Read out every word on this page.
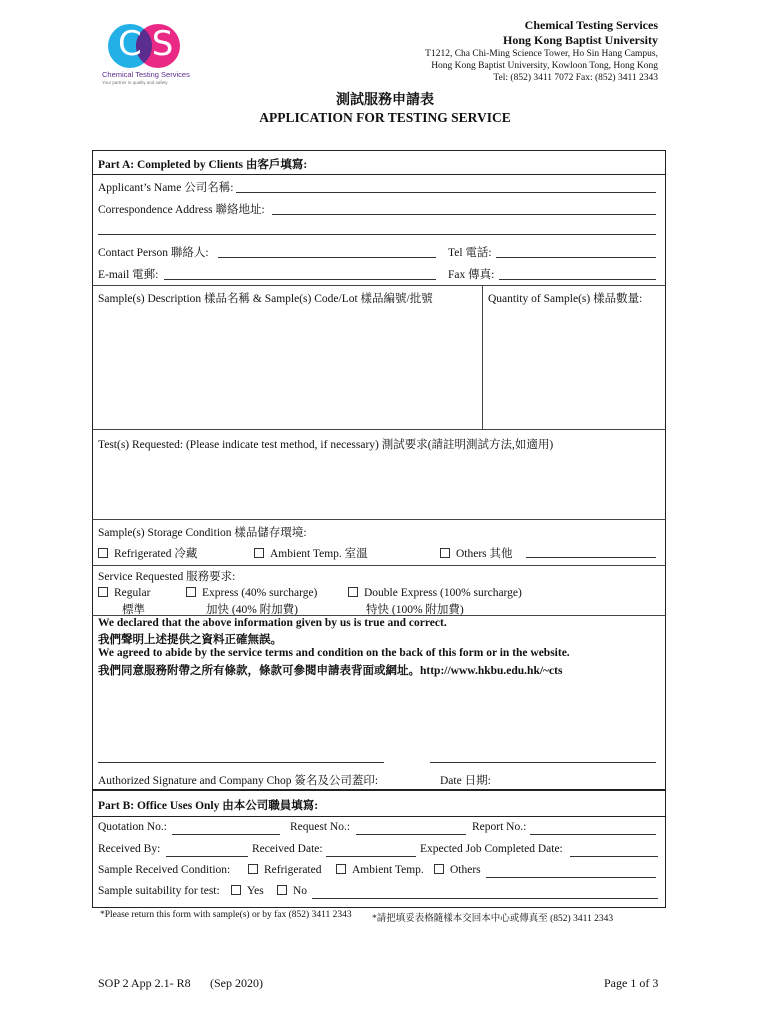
CS
Chemical Testing Services
Your partner in quality and safety
Chemical Testing Services
Hong Kong Baptist University
T1212, Cha Chi-Ming Science Tower, Ho Sin Hang Campus,
Hong Kong Baptist University, Kowloon Tong, Hong Kong
Tel: (852) 3411 7072 Fax: (852) 3411 2343
測試服務申請表
APPLICATION FOR TESTING SERVICE
Part A: Completed by Clients 由客戶填寫:
Applicant’s Name 公司名稱:
Correspondence Address 聯絡地址:
Contact Person 聯絡人:	Tel 電話:
E-mail 電郵:	Fax 傳真:
Sample(s) Description 樣品名稱 & Sample(s) Code/Lot 樣品編號/批號	Quantity of Sample(s) 樣品數量:
Test(s) Requested: (Please indicate test method, if necessary) 測試要求(請註明測試方法,如適用)
Sample(s) Storage Condition 樣品儲存環境:
Refrigerated 冷藏	Ambient Temp. 室溫	Others 其他
Service Requested 服務要求:
Regular
標準
Express (40% surcharge)
加快 (40% 附加費)
Double Express (100% surcharge)
特快 (100% 附加費)
We declared that the above information given by us is true and correct.
我們聲明上述提供之資料正確無誤。
We agreed to abide by the service terms and condition on the back of this form or in the website.
我們同意服務附帶之所有條款，條款可參閱申請表背面或網址。http://www.hkbu.edu.hk/~cts
Authorized Signature and Company Chop 簽名及公司蓋印:	Date 日期:
Part B: Office Uses Only 由本公司職員填寫:
Quotation No.:	Request No.:	Report No.:
Received By:	Received Date:	Expected Job Completed Date:
Sample Received Condition:	Refrigerated	Ambient Temp.	Others
Sample suitability for test:	Yes	No
*Please return this form with sample(s) or by fax (852) 3411 2343 *請把填妥表格隨樣本交回本中心或傳真至 (852) 3411 2343
SOP 2 App 2.1- R8 (Sep 2020)	Page 1 of 3
